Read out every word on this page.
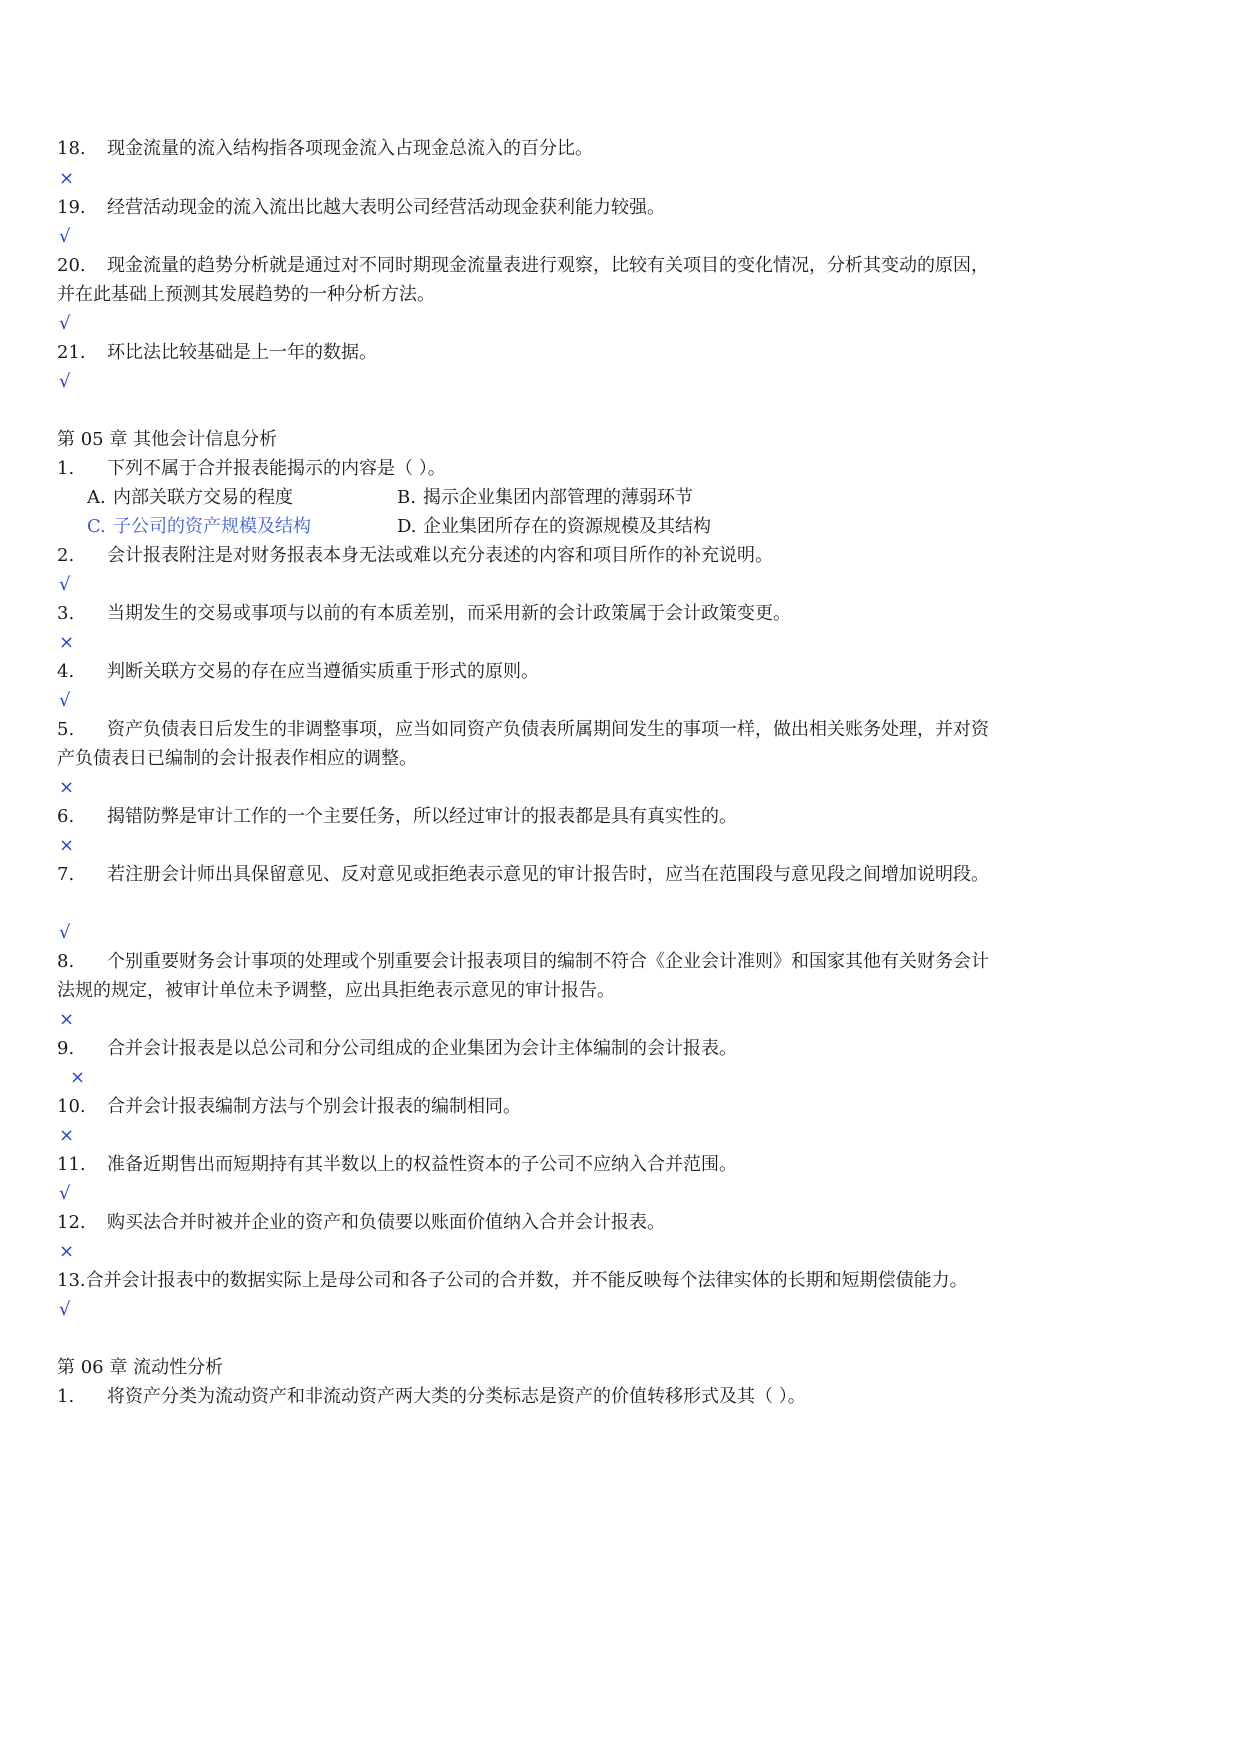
18. 现金流量的流入结构指各项现金流入占现金总流入的百分比。
×
19. 经营活动现金的流入流出比越大表明公司经营活动现金获利能力较强。
√
20. 现金流量的趋势分析就是通过对不同时期现金流量表进行观察，比较有关项目的变化情况，分析其变动的原因，
并在此基础上预测其发展趋势的一种分析方法。
√
21. 环比法比较基础是上一年的数据。
√
第 05 章 其他会计信息分析
1. 下列不属于合并报表能揭示的内容是（ ）。
A. 内部关联方交易的程度	B. 揭示企业集团内部管理的薄弱环节
C. 子公司的资产规模及结构	D. 企业集团所存在的资源规模及其结构
2. 会计报表附注是对财务报表本身无法或难以充分表述的内容和项目所作的补充说明。
√
3. 当期发生的交易或事项与以前的有本质差别，而采用新的会计政策属于会计政策变更。
×
4. 判断关联方交易的存在应当遵循实质重于形式的原则。
√
5. 资产负债表日后发生的非调整事项，应当如同资产负债表所属期间发生的事项一样，做出相关账务处理，并对资
产负债表日已编制的会计报表作相应的调整。
×
6. 揭错防弊是审计工作的一个主要任务，所以经过审计的报表都是具有真实性的。
×
7. 若注册会计师出具保留意见、反对意见或拒绝表示意见的审计报告时，应当在范围段与意见段之间增加说明段。
√
8. 个别重要财务会计事项的处理或个别重要会计报表项目的编制不符合《企业会计准则》和国家其他有关财务会计
法规的规定，被审计单位未予调整，应出具拒绝表示意见的审计报告。
×
9. 合并会计报表是以总公司和分公司组成的企业集团为会计主体编制的会计报表。
×
10. 合并会计报表编制方法与个别会计报表的编制相同。
×
11. 准备近期售出而短期持有其半数以上的权益性资本的子公司不应纳入合并范围。
√
12. 购买法合并时被并企业的资产和负债要以账面价值纳入合并会计报表。
×
13.合并会计报表中的数据实际上是母公司和各子公司的合并数，并不能反映每个法律实体的长期和短期偿债能力。
√
第 06 章 流动性分析
1. 将资产分类为流动资产和非流动资产两大类的分类标志是资产的价值转移形式及其（ ）。
